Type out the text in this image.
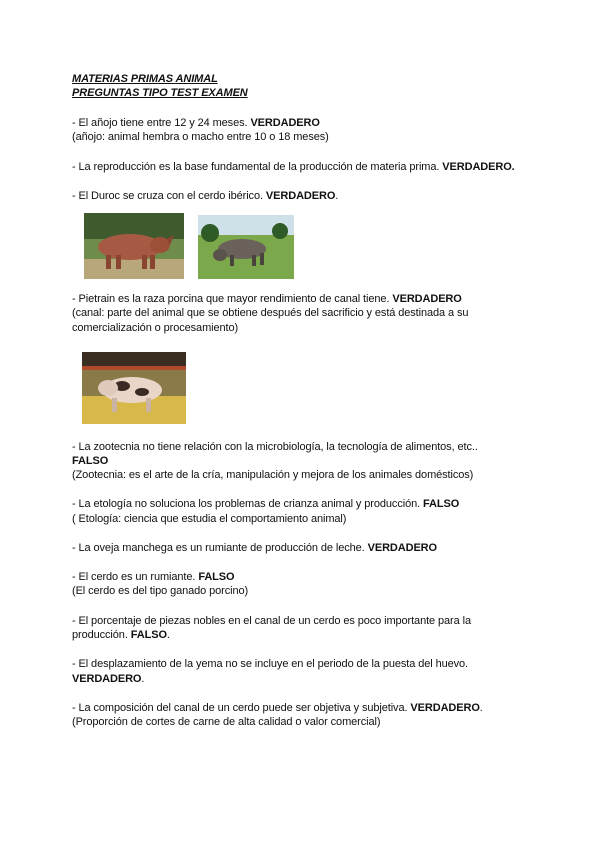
MATERIAS PRIMAS ANIMAL
PREGUNTAS TIPO TEST EXAMEN
- El añojo tiene entre 12 y 24 meses. VERDADERO
(añojo: animal hembra o macho entre 10 o 18 meses)
- La reproducción es la base fundamental de la producción de materia prima. VERDADERO.
- El Duroc se cruza con el cerdo ibérico. VERDADERO.
- Pietrain es la raza porcina que mayor rendimiento de canal tiene. VERDADERO
(canal: parte del animal que se obtiene después del sacrificio y está destinada a su
comercialización o procesamiento)
- La zootecnia no tiene relación con la microbiología, la tecnología de alimentos, etc..
FALSO
(Zootecnia: es el arte de la cría, manipulación y mejora de los animales domésticos)
- La etología no soluciona los problemas de crianza animal y producción. FALSO
( Etología: ciencia que estudia el comportamiento animal)
- La oveja manchega es un rumiante de producción de leche. VERDADERO
- El cerdo es un rumiante. FALSO
(El cerdo es del tipo ganado porcino)
- El porcentaje de piezas nobles en el canal de un cerdo es poco importante para la
producción. FALSO.
- El desplazamiento de la yema no se incluye en el periodo de la puesta del huevo.
VERDADERO.
- La composición del canal de un cerdo puede ser objetiva y subjetiva. VERDADERO.
(Proporción de cortes de carne de alta calidad o valor comercial)
